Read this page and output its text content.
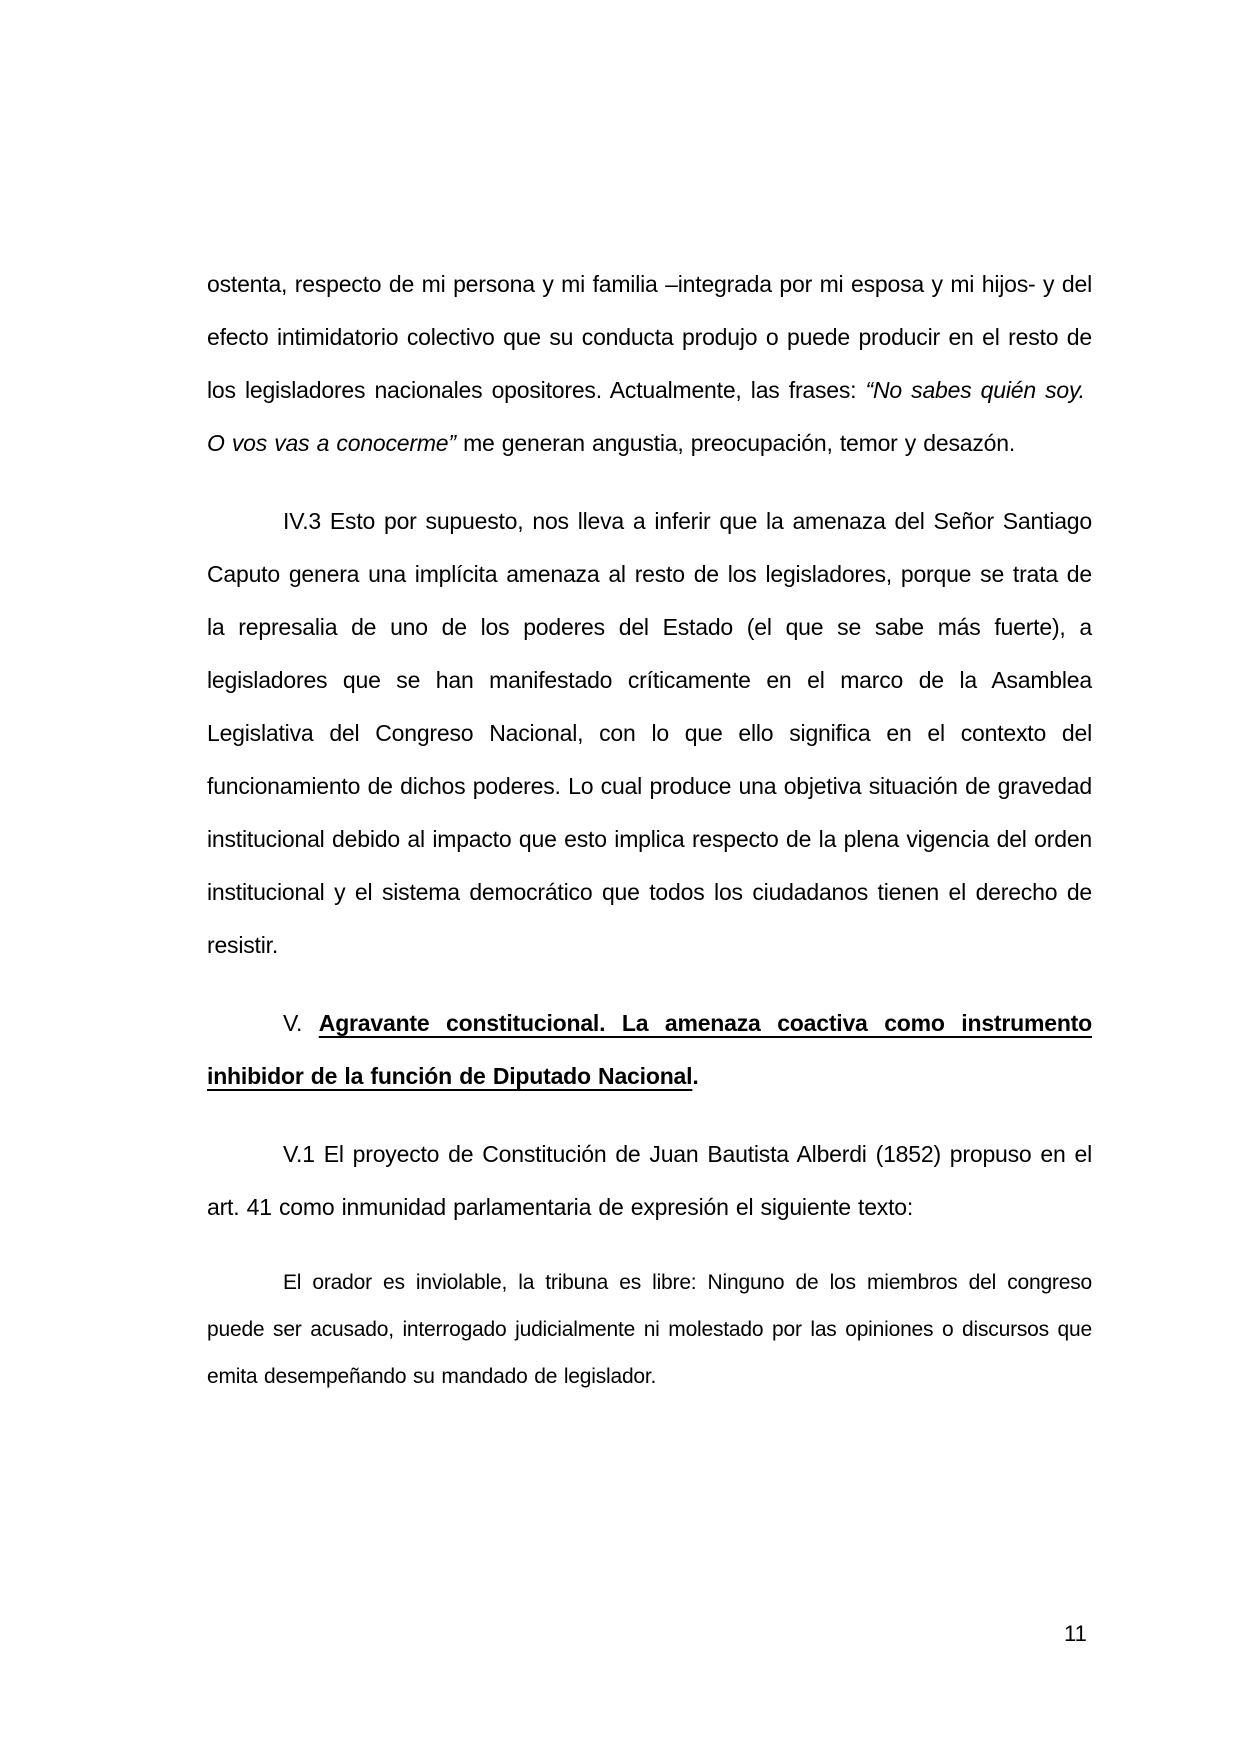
ostenta, respecto de mi persona y mi familia –integrada por mi esposa y mi hijos- y del efecto intimidatorio colectivo que su conducta produjo o puede producir en el resto de los legisladores nacionales opositores. Actualmente, las frases: “No sabes quién soy.  O vos vas a conocerme” me generan angustia, preocupación, temor y desazón.

IV.3 Esto por supuesto, nos lleva a inferir que la amenaza del Señor Santiago Caputo genera una implícita amenaza al resto de los legisladores, porque se trata de la represalia de uno de los poderes del Estado (el que se sabe más fuerte), a legisladores que se han manifestado críticamente en el marco de la Asamblea Legislativa del Congreso Nacional, con lo que ello significa en el contexto del funcionamiento de dichos poderes. Lo cual produce una objetiva situación de gravedad institucional debido al impacto que esto implica respecto de la plena vigencia del orden institucional y el sistema democrático que todos los ciudadanos tienen el derecho de resistir.

V. Agravante constitucional. La amenaza coactiva como instrumento inhibidor de la función de Diputado Nacional.

V.1 El proyecto de Constitución de Juan Bautista Alberdi (1852) propuso en el art. 41 como inmunidad parlamentaria de expresión el siguiente texto:

El orador es inviolable, la tribuna es libre: Ninguno de los miembros del congreso puede ser acusado, interrogado judicialmente ni molestado por las opiniones o discursos que emita desempeñando su mandado de legislador.

11
